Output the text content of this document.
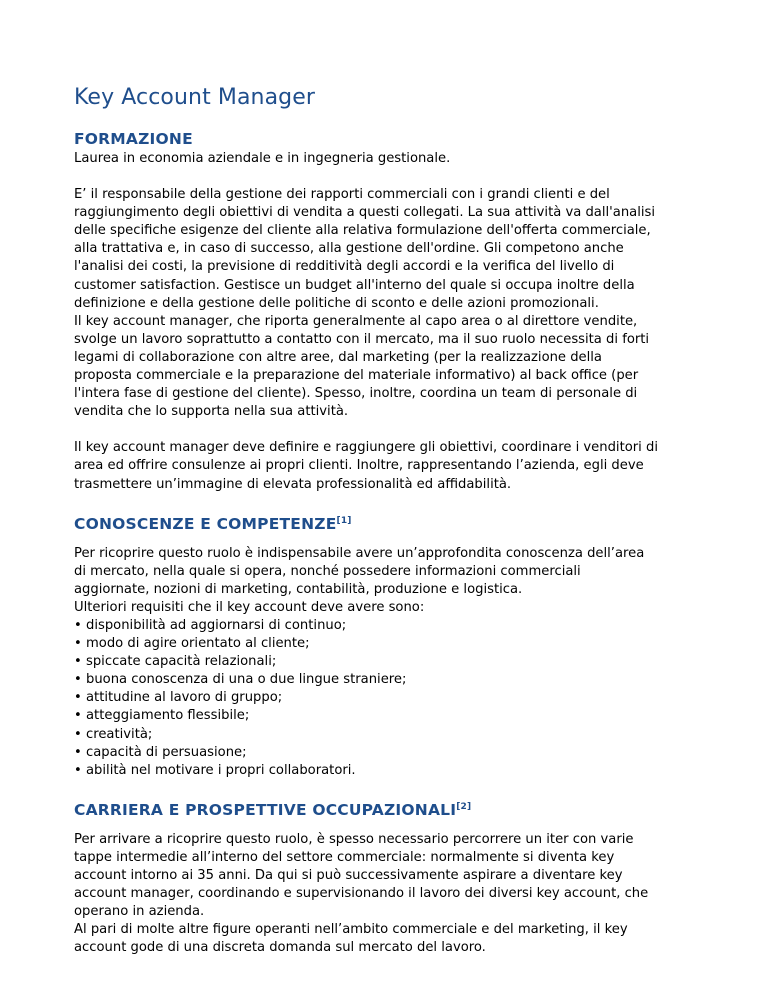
Key Account Manager
FORMAZIONE

Laurea in economia aziendale e in ingegneria gestionale.

E’ il responsabile della gestione dei rapporti commerciali con i grandi clienti e del
raggiungimento degli obiettivi di vendita a questi collegati. La sua attività va dall'analisi
delle specifiche esigenze del cliente alla relativa formulazione dell'offerta commerciale,
alla trattativa e, in caso di successo, alla gestione dell'ordine. Gli competono anche
l'analisi dei costi, la previsione di redditività degli accordi e la verifica del livello di
customer satisfaction. Gestisce un budget all'interno del quale si occupa inoltre della
definizione e della gestione delle politiche di sconto e delle azioni promozionali.
Il key account manager, che riporta generalmente al capo area o al direttore vendite,
svolge un lavoro soprattutto a contatto con il mercato, ma il suo ruolo necessita di forti
legami di collaborazione con altre aree, dal marketing (per la realizzazione della
proposta commerciale e la preparazione del materiale informativo) al back office (per
l'intera fase di gestione del cliente). Spesso, inoltre, coordina un team di personale di
vendita che lo supporta nella sua attività.

Il key account manager deve definire e raggiungere gli obiettivi, coordinare i venditori di
area ed offrire consulenze ai propri clienti. Inoltre, rappresentando l’azienda, egli deve
trasmettere un’immagine di elevata professionalità ed affidabilità.

CONOSCENZE E COMPETENZE[1]

Per ricoprire questo ruolo è indispensabile avere un’approfondita conoscenza dell’area
di mercato, nella quale si opera, nonché possedere informazioni commerciali
aggiornate, nozioni di marketing, contabilità, produzione e logistica.
Ulteriori requisiti che il key account deve avere sono:

• disponibilità ad aggiornarsi di continuo;
• modo di agire orientato al cliente;
• spiccate capacità relazionali;
• buona conoscenza di una o due lingue straniere;
• attitudine al lavoro di gruppo;
• atteggiamento flessibile;
• creatività;
• capacità di persuasione;
• abilità nel motivare i propri collaboratori.
CARRIERA E PROSPETTIVE OCCUPAZIONALI[2]

Per arrivare a ricoprire questo ruolo, è spesso necessario percorrere un iter con varie
tappe intermedie all’interno del settore commerciale: normalmente si diventa key
account intorno ai 35 anni. Da qui si può successivamente aspirare a diventare key
account manager, coordinando e supervisionando il lavoro dei diversi key account, che
operano in azienda.
Al pari di molte altre figure operanti nell’ambito commerciale e del marketing, il key
account gode di una discreta domanda sul mercato del lavoro.
